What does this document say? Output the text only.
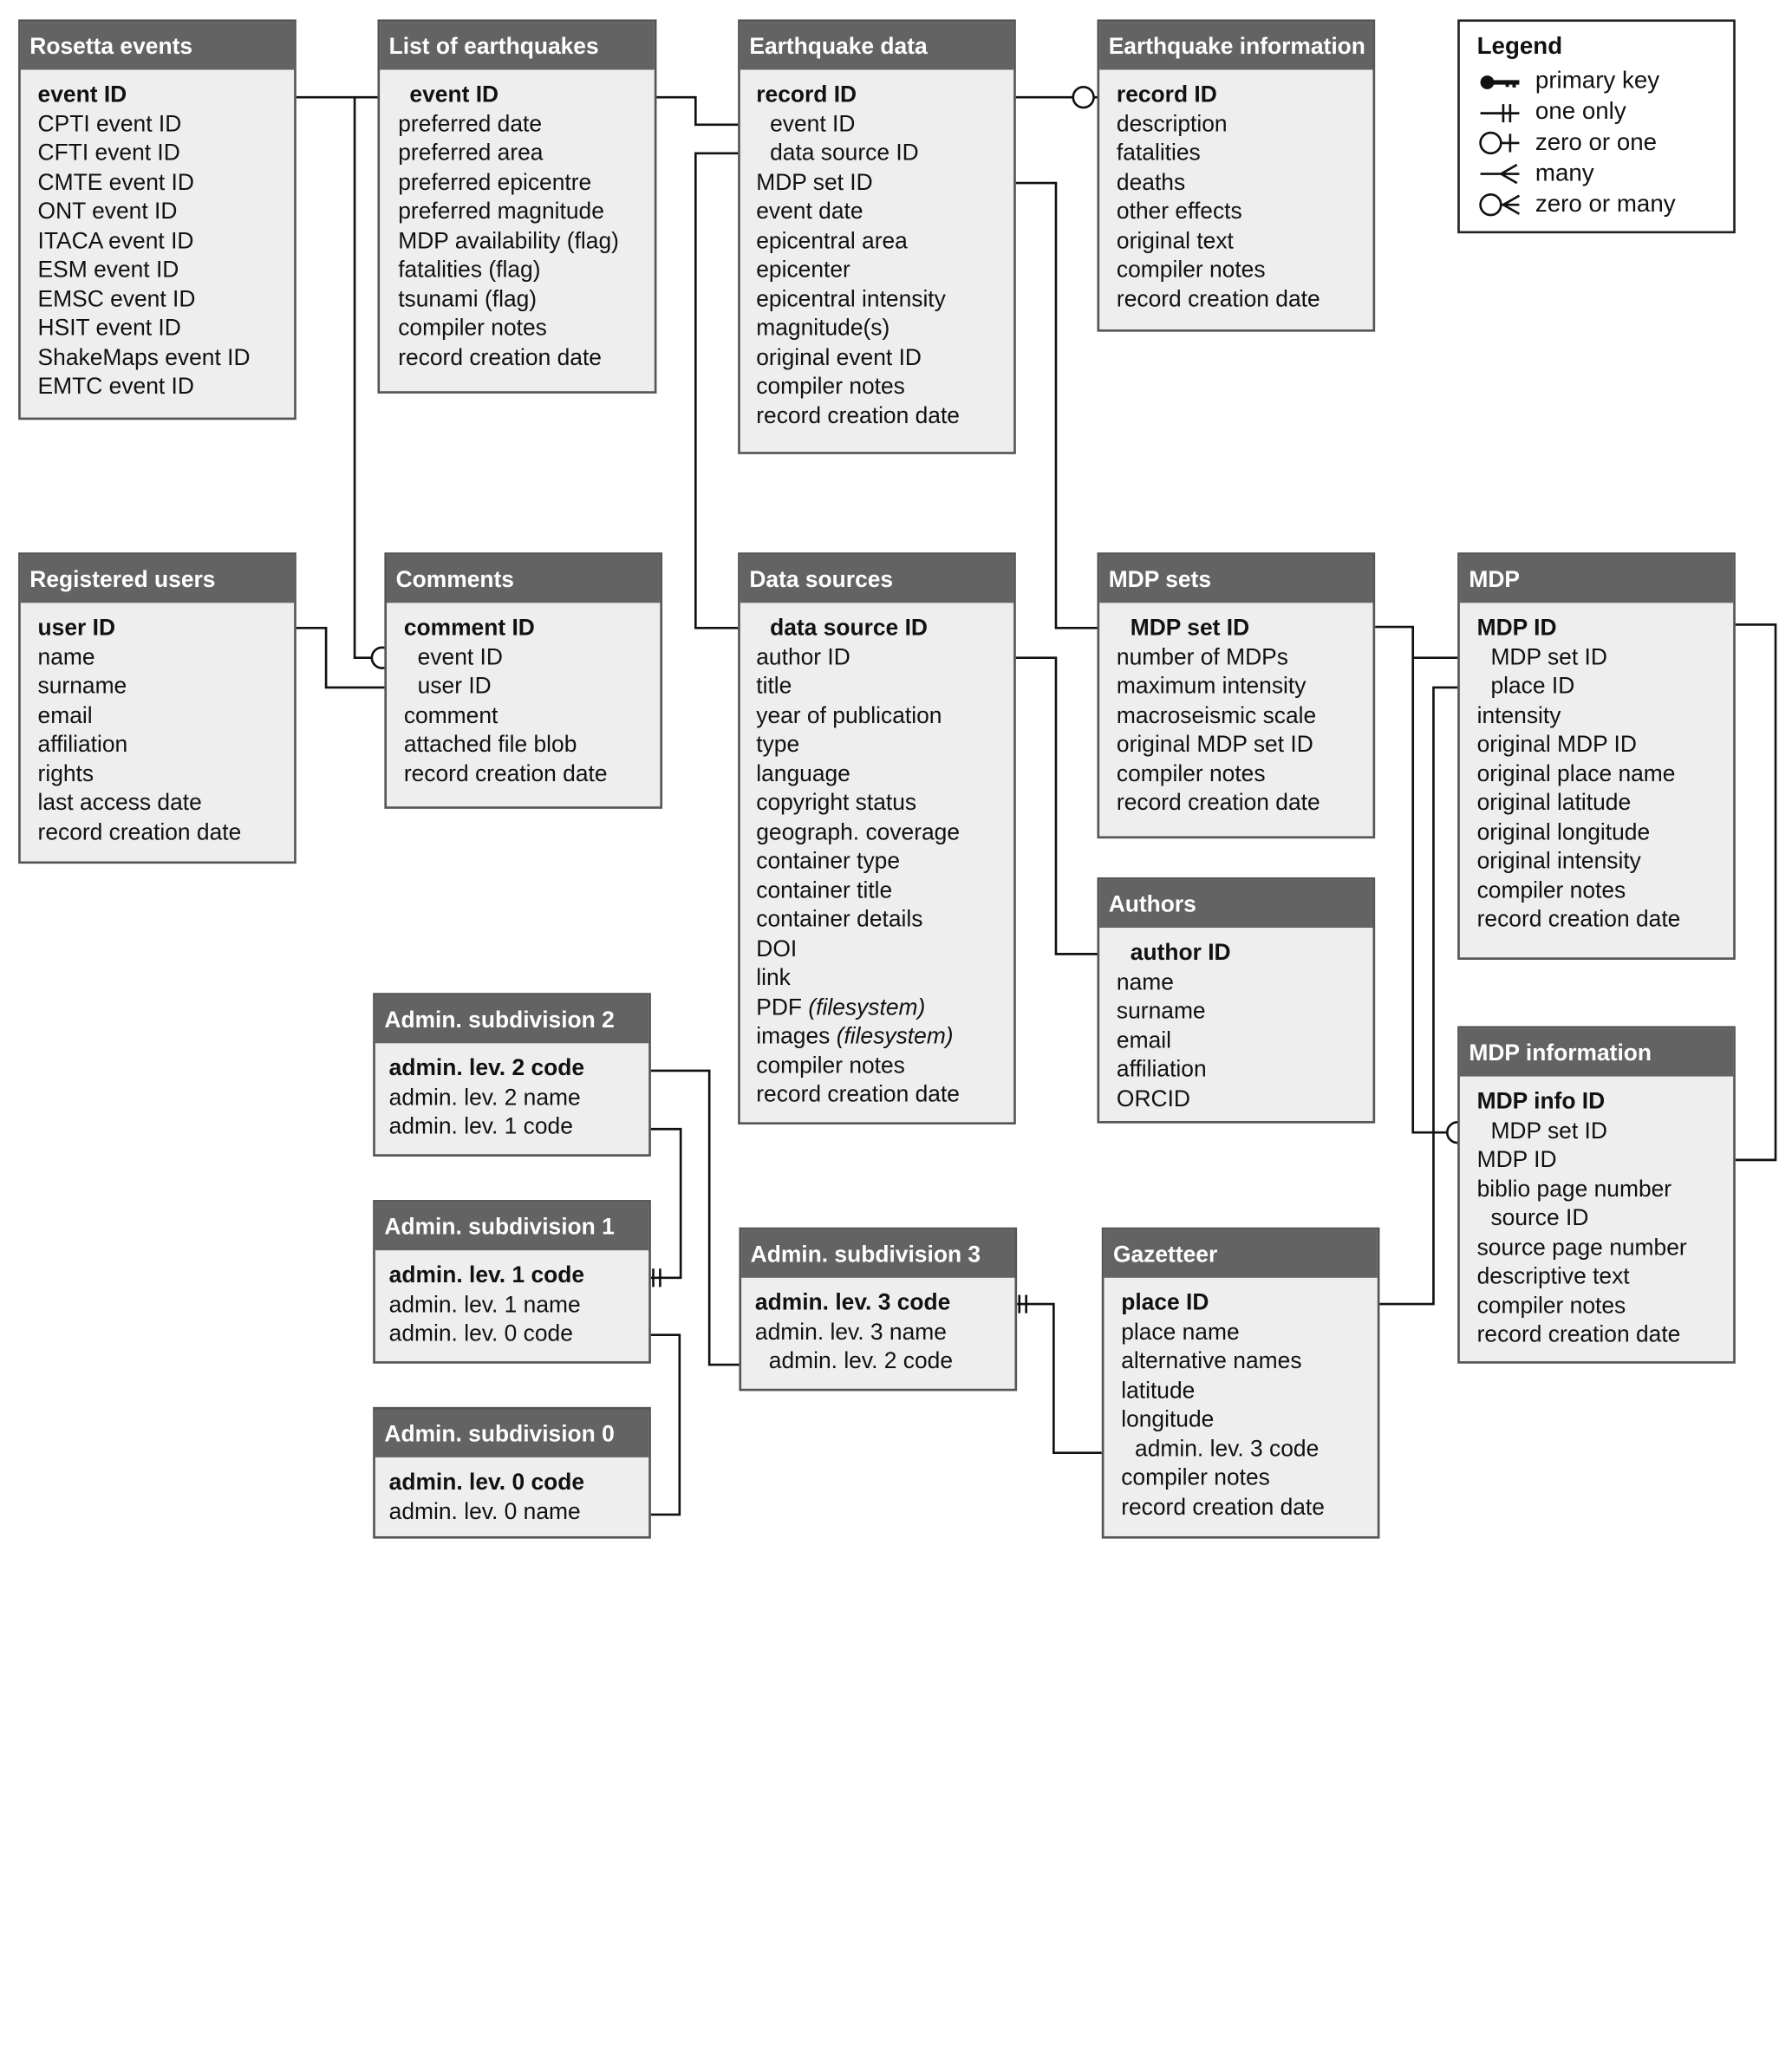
Legend
primary key
one only
zero or one
many
zero or many
Rosetta events
event ID
CPTI event ID
CFTI event ID
CMTE event ID
ONT event ID
ITACA event ID
ESM event ID
EMSC event ID
HSIT event ID
ShakeMaps event ID
EMTC event ID
List of earthquakes
event ID
preferred date
preferred area
preferred epicentre
preferred magnitude
MDP availability (flag)
fatalities (flag)
tsunami (flag)
compiler notes
record creation date
Earthquake data
record ID
event ID
data source ID
MDP set ID
event date
epicentral area
epicenter
epicentral intensity
magnitude(s)
original event ID
compiler notes
record creation date
Earthquake information
record ID
description
fatalities
deaths
other effects
original text
compiler notes
record creation date
Registered users
user ID
name
surname
email
affiliation
rights
last access date
record creation date
Comments
comment ID
event ID
user ID
comment
attached file blob
record creation date
Data sources
data source ID
author ID
title
year of publication
type
language
copyright status
geograph. coverage
container type
container title
container details
DOI
link
PDF (filesystem)
images (filesystem)
compiler notes
record creation date
MDP sets
MDP set ID
number of MDPs
maximum intensity
macroseismic scale
original MDP set ID
compiler notes
record creation date
MDP
MDP ID
MDP set ID
place ID
intensity
original MDP ID
original place name
original latitude
original longitude
original intensity
compiler notes
record creation date
Authors
author ID
name
surname
email
affiliation
ORCID
MDP information
MDP info ID
MDP set ID
MDP ID
biblio page number
source ID
source page number
descriptive text
compiler notes
record creation date
Admin. subdivision 2
admin. lev. 2 code
admin. lev. 2 name
admin. lev. 1 code
Admin. subdivision 1
admin. lev. 1 code
admin. lev. 1 name
admin. lev. 0 code
Admin. subdivision 0
admin. lev. 0 code
admin. lev. 0 name
Admin. subdivision 3
admin. lev. 3 code
admin. lev. 3 name
admin. lev. 2 code
Gazetteer
place ID
place name
alternative names
latitude
longitude
admin. lev. 3 code
compiler notes
record creation date
